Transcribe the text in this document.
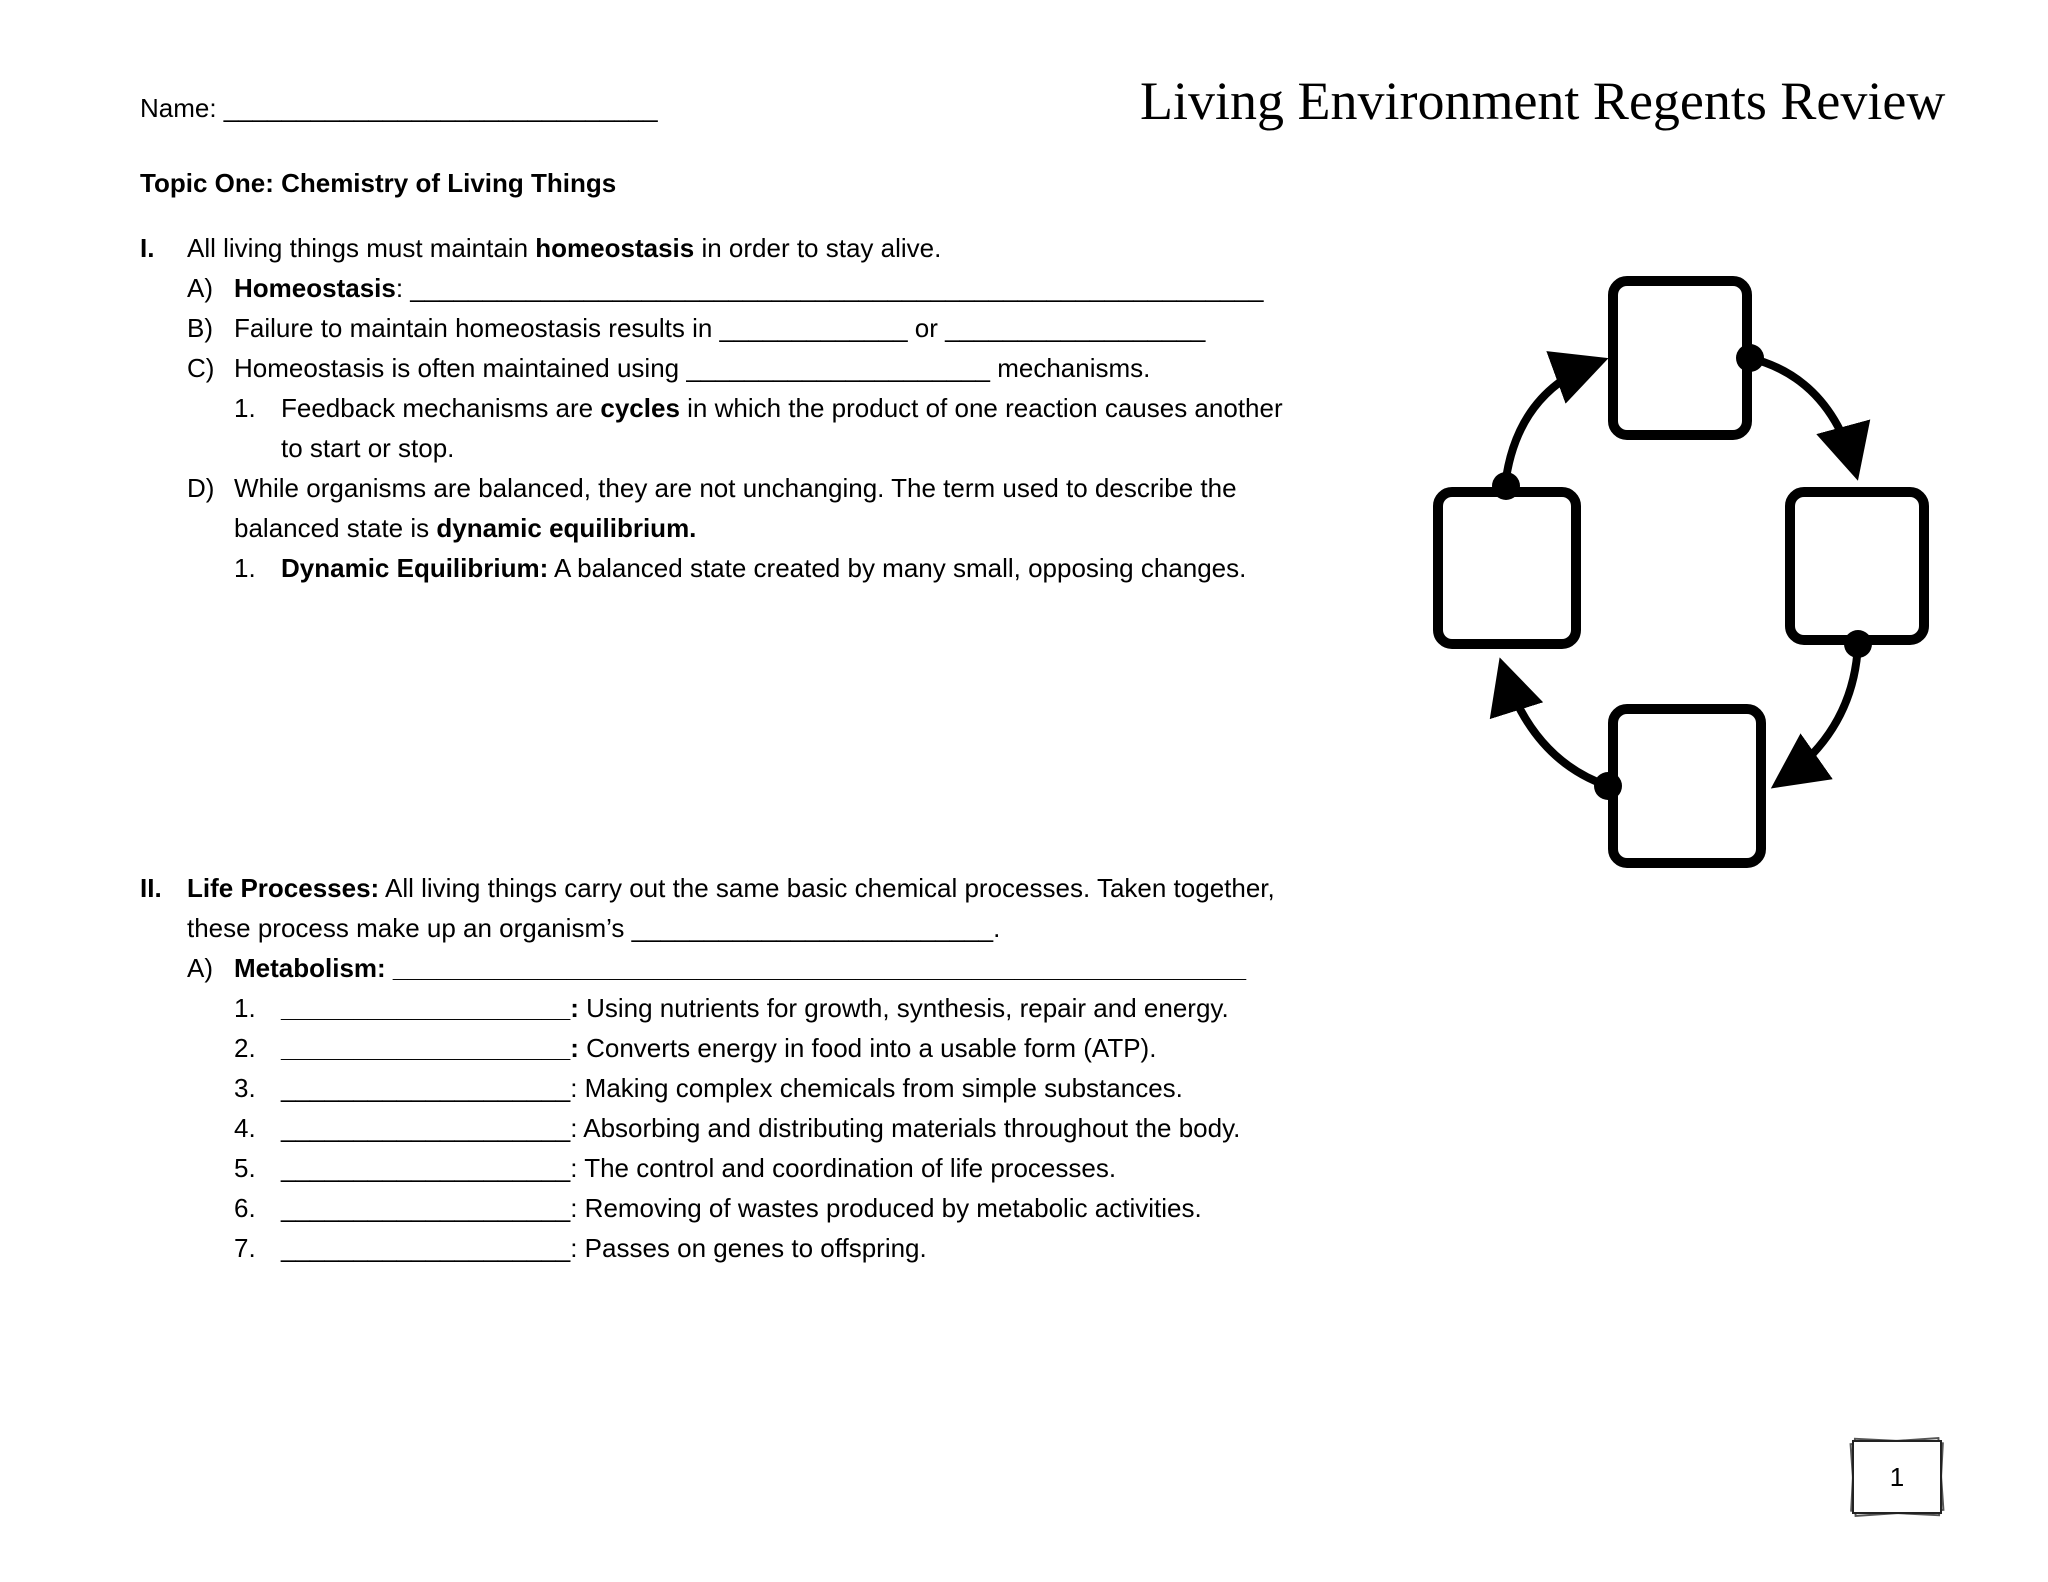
Name: ______________________________	Living Environment Regents Review
Topic One: Chemistry of Living Things
I. All living things must maintain homeostasis in order to stay alive.
A) Homeostasis: ___________________________________________________________
B) Failure to maintain homeostasis results in _____________ or __________________
C) Homeostasis is often maintained using _____________________ mechanisms.
1. Feedback mechanisms are cycles in which the product of one reaction causes another
to start or stop.
D) While organisms are balanced, they are not unchanging. The term used to describe the
balanced state is dynamic equilibrium.
1. Dynamic Equilibrium: A balanced state created by many small, opposing changes.
II. Life Processes: All living things carry out the same basic chemical processes. Taken together,
these process make up an organism’s _________________________.
A) Metabolism: ___________________________________________________________
1. ____________________: Using nutrients for growth, synthesis, repair and energy.
2. ____________________: Converts energy in food into a usable form (ATP).
3. ____________________: Making complex chemicals from simple substances.
4. ____________________: Absorbing and distributing materials throughout the body.
5. ____________________: The control and coordination of life processes.
6. ____________________: Removing of wastes produced by metabolic activities.
7. ____________________: Passes on genes to offspring.
1
